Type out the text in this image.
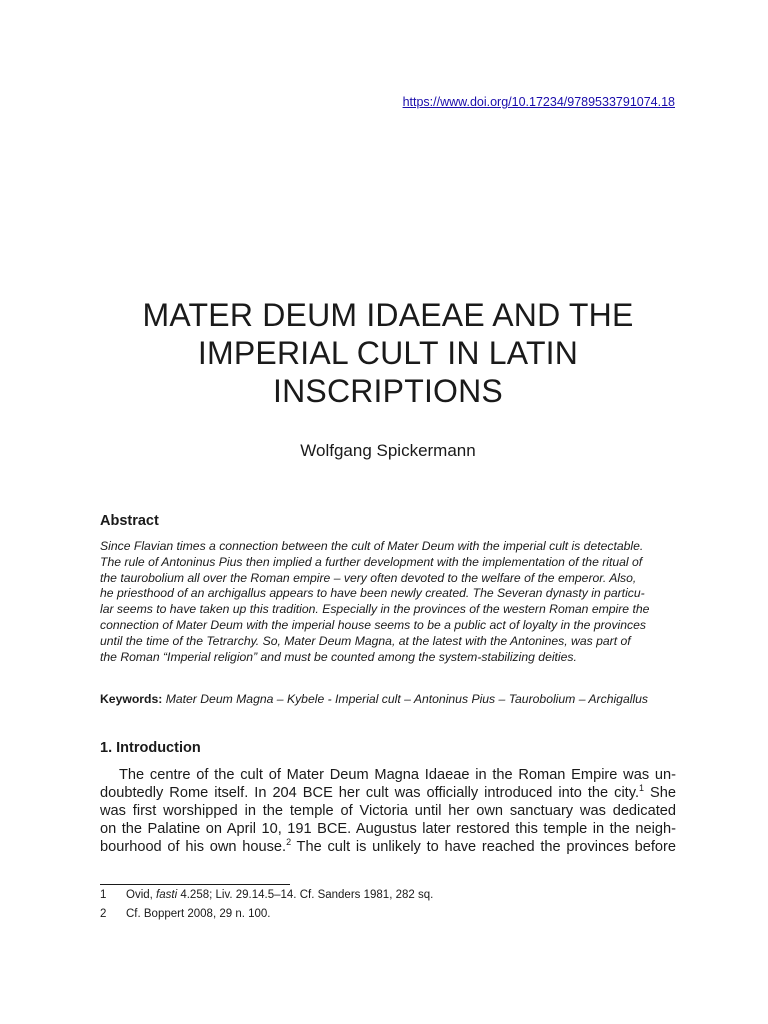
https://www.doi.org/10.17234/9789533791074.18
MATER DEUM IDAEAE AND THE
IMPERIAL CULT IN LATIN
INSCRIPTIONS
Wolfgang Spickermann
Abstract
Since Flavian times a connection between the cult of Mater Deum with the imperial cult is detectable.
The rule of Antoninus Pius then implied a further development with the implementation of the ritual of
the taurobolium all over the Roman empire – very often devoted to the welfare of the emperor. Also,
he priesthood of an archigallus appears to have been newly created. The Severan dynasty in particu-
lar seems to have taken up this tradition. Especially in the provinces of the western Roman empire the
connection of Mater Deum with the imperial house seems to be a public act of loyalty in the provinces
until the time of the Tetrarchy. So, Mater Deum Magna, at the latest with the Antonines, was part of
the Roman “Imperial religion” and must be counted among the system-stabilizing deities.
Keywords: Mater Deum Magna – Kybele - Imperial cult – Antoninus Pius – Taurobolium – Archigallus
1. Introduction
The centre of the cult of Mater Deum Magna Idaeae in the Roman Empire was un-
doubtedly Rome itself. In 204 BCE her cult was officially introduced into the city.$^1$ She
was first worshipped in the temple of Victoria until her own sanctuary was dedicated
on the Palatine on April 10, 191 BCE. Augustus later restored this temple in the neigh-
bourhood of his own house.$^2$ The cult is unlikely to have reached the provinces before
1 Ovid, fasti 4.258; Liv. 29.14.5–14. Cf. Sanders 1981, 282 sq.
2 Cf. Boppert 2008, 29 n. 100.
